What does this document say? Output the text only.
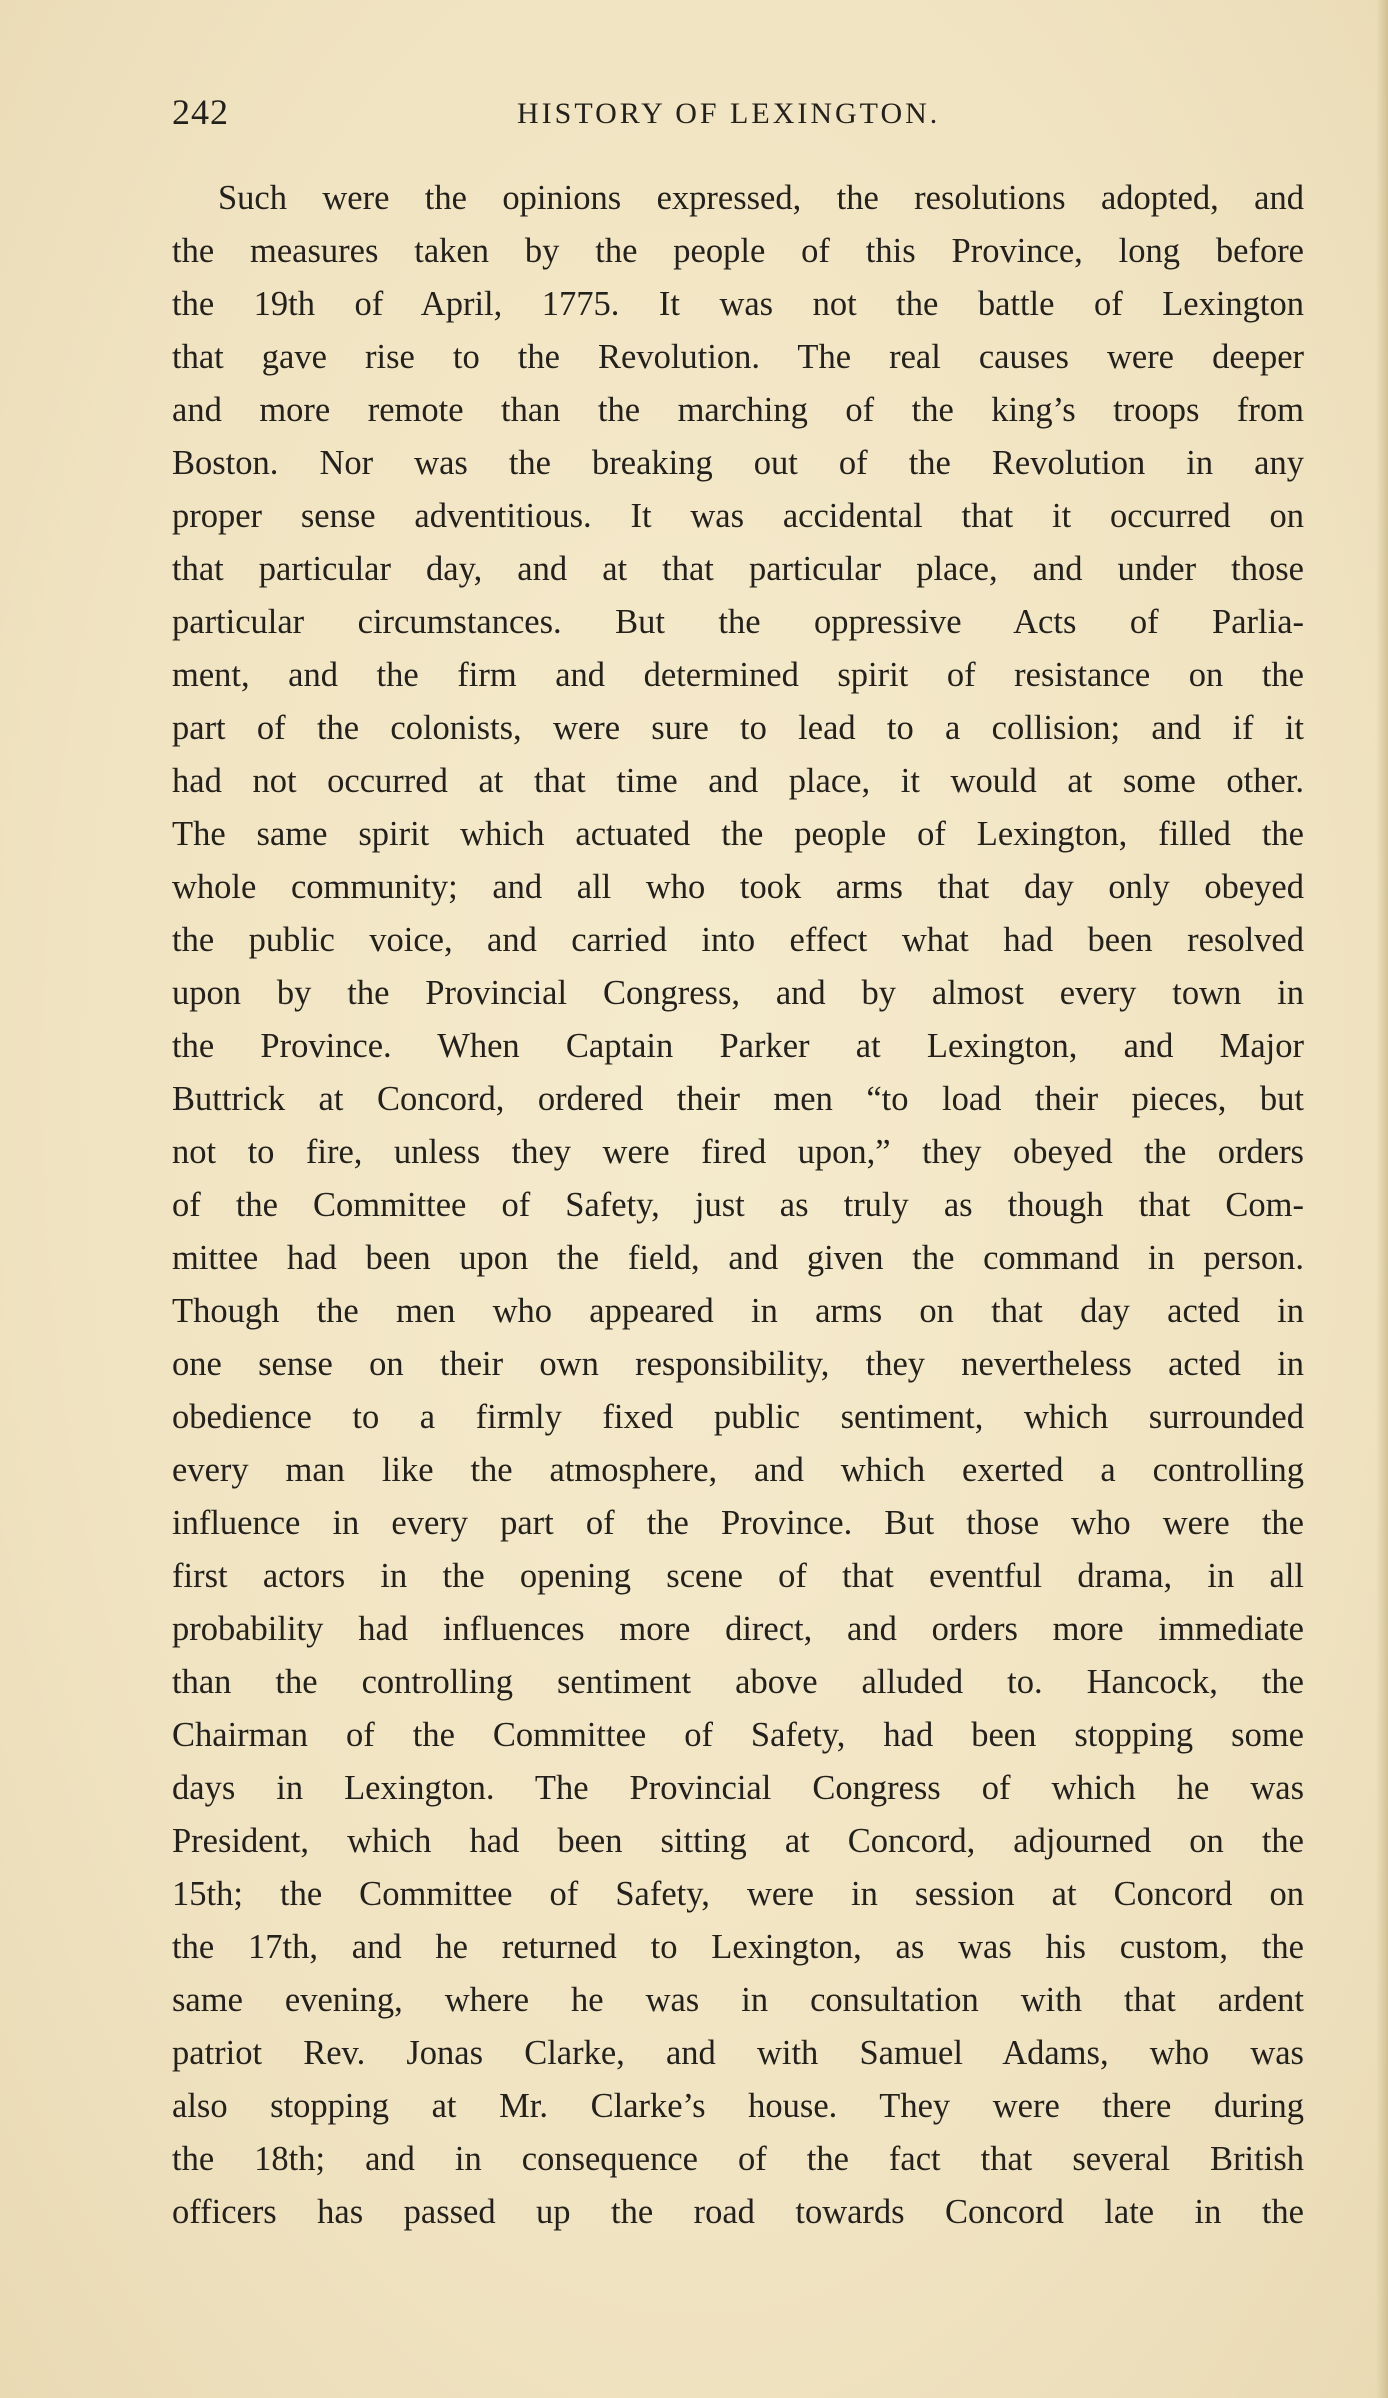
242	HISTORY OF LEXINGTON.
Such were the opinions expressed, the resolutions adopted, and
the measures taken by the people of this Province, long before
the 19th of April, 1775. It was not the battle of Lexington
that gave rise to the Revolution. The real causes were deeper
and more remote than the marching of the king’s troops from
Boston. Nor was the breaking out of the Revolution in any
proper sense adventitious. It was accidental that it occurred on
that particular day, and at that particular place, and under those
particular circumstances. But the oppressive Acts of Parlia-
ment, and the firm and determined spirit of resistance on the
part of the colonists, were sure to lead to a collision; and if it
had not occurred at that time and place, it would at some other.
The same spirit which actuated the people of Lexington, filled the
whole community; and all who took arms that day only obeyed
the public voice, and carried into effect what had been resolved
upon by the Provincial Congress, and by almost every town in
the Province. When Captain Parker at Lexington, and Major
Buttrick at Concord, ordered their men “to load their pieces, but
not to fire, unless they were fired upon,” they obeyed the orders
of the Committee of Safety, just as truly as though that Com-
mittee had been upon the field, and given the command in person.
Though the men who appeared in arms on that day acted in
one sense on their own responsibility, they nevertheless acted in
obedience to a firmly fixed public sentiment, which surrounded
every man like the atmosphere, and which exerted a controlling
influence in every part of the Province. But those who were the
first actors in the opening scene of that eventful drama, in all
probability had influences more direct, and orders more immediate
than the controlling sentiment above alluded to. Hancock, the
Chairman of the Committee of Safety, had been stopping some
days in Lexington. The Provincial Congress of which he was
President, which had been sitting at Concord, adjourned on the
15th; the Committee of Safety, were in session at Concord on
the 17th, and he returned to Lexington, as was his custom, the
same evening, where he was in consultation with that ardent
patriot Rev. Jonas Clarke, and with Samuel Adams, who was
also stopping at Mr. Clarke’s house. They were there during
the 18th; and in consequence of the fact that several British
officers has passed up the road towards Concord late in the
